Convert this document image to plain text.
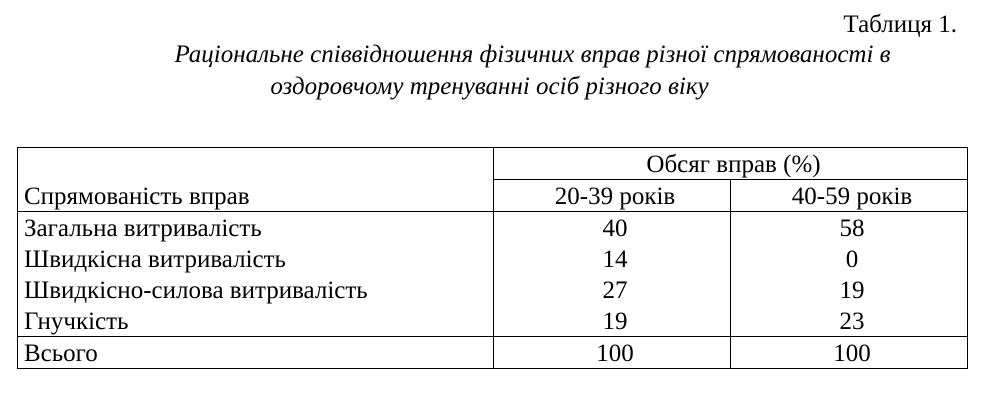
Таблиця 1.
Раціональне співвідношення фізичних вправ різної спрямованості в
оздоровчому тренуванні осіб різного віку
Спрямованість вправ	Обсяг вправ (%)	
	20-39 років	40-59 років
Загальна витривалість	40	58
Швидкісна витривалість	14	0
Швидкісно-силова витривалість	27	19
Гнучкість	19	23
Всього	100	100
